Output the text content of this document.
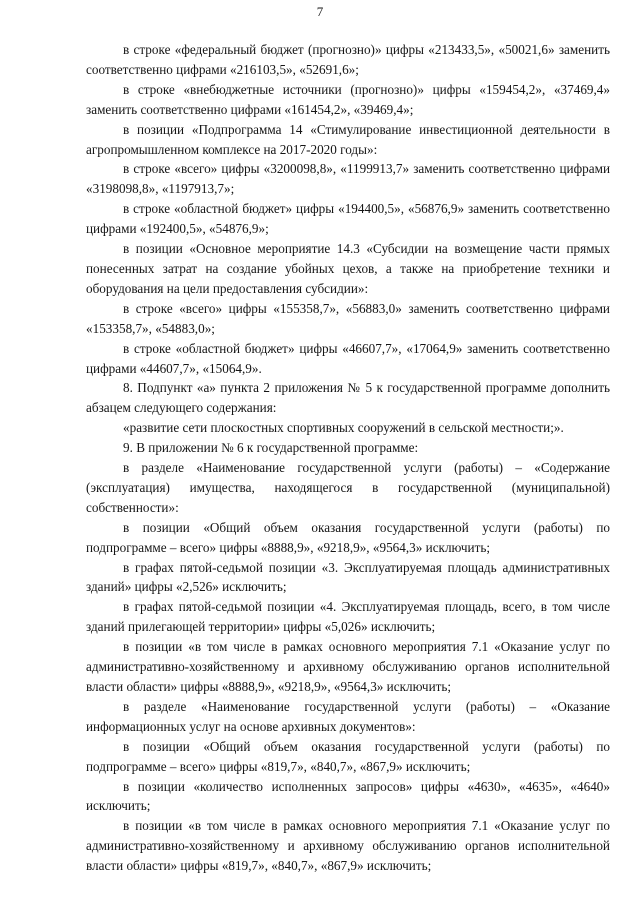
7

в строке «федеральный бюджет (прогнозно)» цифры «213433,5», «50021,6» заменить соответственно цифрами «216103,5», «52691,6»;

в строке «внебюджетные источники (прогнозно)» цифры «159454,2», «37469,4» заменить соответственно цифрами «161454,2», «39469,4»;

в позиции «Подпрограмма 14 «Стимулирование инвестиционной деятельности в агропромышленном комплексе на 2017-2020 годы»:

в строке «всего» цифры «3200098,8», «1199913,7» заменить соответственно цифрами «3198098,8», «1197913,7»;

в строке «областной бюджет» цифры «194400,5», «56876,9» заменить соответственно цифрами «192400,5», «54876,9»;

в позиции «Основное мероприятие 14.3 «Субсидии на возмещение части прямых понесенных затрат на создание убойных цехов, а также на приобретение техники и оборудования на цели предоставления субсидии»:

в строке «всего» цифры «155358,7», «56883,0» заменить соответственно цифрами «153358,7», «54883,0»;

в строке «областной бюджет» цифры «46607,7», «17064,9» заменить соответственно цифрами «44607,7», «15064,9».

8. Подпункт «а» пункта 2 приложения № 5 к государственной программе дополнить абзацем следующего содержания:

«развитие сети плоскостных спортивных сооружений в сельской местности;».

9. В приложении № 6 к государственной программе:

в разделе «Наименование государственной услуги (работы) – «Содержание (эксплуатация) имущества, находящегося в государственной (муниципальной) собственности»:

в позиции «Общий объем оказания государственной услуги (работы) по подпрограмме – всего» цифры «8888,9», «9218,9», «9564,3» исключить;

в графах пятой-седьмой позиции «3. Эксплуатируемая площадь административных зданий» цифры «2,526» исключить;

в графах пятой-седьмой позиции «4. Эксплуатируемая площадь, всего, в том числе зданий прилегающей территории» цифры «5,026» исключить;

в позиции «в том числе в рамках основного мероприятия 7.1 «Оказание услуг по административно-хозяйственному и архивному обслуживанию органов исполнительной власти области» цифры «8888,9», «9218,9», «9564,3» исключить;

в разделе «Наименование государственной услуги (работы) – «Оказание информационных услуг на основе архивных документов»:

в позиции «Общий объем оказания государственной услуги (работы) по подпрограмме – всего» цифры «819,7», «840,7», «867,9» исключить;

в позиции «количество исполненных запросов» цифры «4630», «4635», «4640» исключить;

в позиции «в том числе в рамках основного мероприятия 7.1 «Оказание услуг по административно-хозяйственному и архивному обслуживанию органов исполнительной власти области» цифры «819,7», «840,7», «867,9» исключить;
